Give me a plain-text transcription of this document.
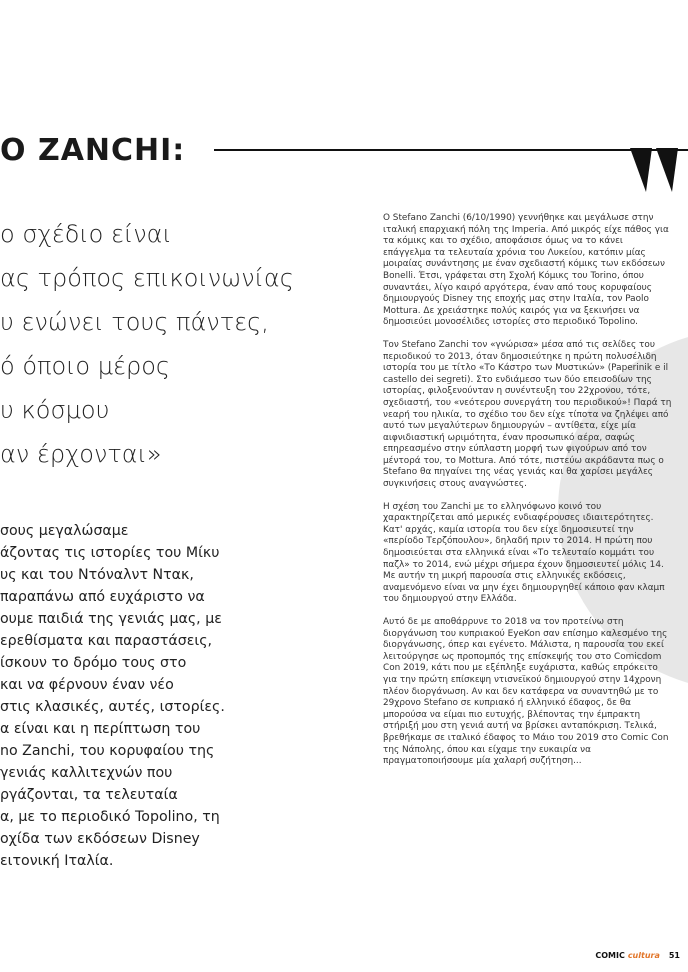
O ZANCHI:
ο σχέδιο είναι
ας τρόπος επικοινωνίας
υ ενώνει τους πάντες,
ό όποιο μέρος
υ κόσμου
αν έρχονται»
σους μεγαλώσαμε
άζοντας τις ιστορίες του Μίκυ
υς και του Ντόναλντ Ντακ,
παραπάνω από ευχάριστο να
ουμε παιδιά της γενιάς μας, με
ερεθίσματα και παραστάσεις,
ίσκουν το δρόμο τους στο
και να φέρνουν έναν νέο
στις κλασικές, αυτές, ιστορίες.
α είναι και η περίπτωση του
no Zanchi, του κορυφαίου της
γενιάς καλλιτεχνών που
ργάζονται, τα τελευταία
α, με το περιοδικό Topolino, τη
οχίδα των εκδόσεων Disney
ειτονική Ιταλία.

O Stefano Zanchi (6/10/1990) γεννήθηκε και μεγάλωσε στην ιταλική επαρχιακή πόλη της Imperia. Από μικρός είχε πάθος για τα κόμικς και το σχέδιο, αποφάσισε όμως να το κάνει επάγγελμα τα τελευταία χρόνια του Λυκείου, κατόπιν μίας μοιραίας συνάντησης με έναν σχεδιαστή κόμικς των εκδόσεων Bonelli. Έτσι, γράφεται στη Σχολή Κόμικς του Torino, όπου συναντάει, λίγο καιρό αργότερα, έναν από τους κορυφαίους δημιουργούς Disney της εποχής μας στην Ιταλία, τον Paolo Mottura. Δε χρειάστηκε πολύς καιρός για να ξεκινήσει να δημοσιεύει μονοσέλιδες ιστορίες στο περιοδικό Topolino.

Τον Stefano Zanchi τον «γνώρισα» μέσα από τις σελίδες του περιοδικού το 2013, όταν δημοσιεύτηκε η πρώτη πολυσέλιδη ιστορία του με τίτλο «Το Κάστρο των Μυστικών» (Paperinik e il castello dei segreti). Στο ενδιάμεσο των δύο επεισοδίων της ιστορίας, φιλοξενούνταν η συνέντευξη του 22χρονου, τότε, σχεδιαστή, του «νεότερου συνεργάτη του περιοδικού»! Παρά τη νεαρή του ηλικία, το σχέδιο του δεν είχε τίποτα να ζηλέψει από αυτό των μεγαλύτερων δημιουργών – αντίθετα, είχε μία αιφνιδιαστική ωριμότητα, έναν προσωπικό αέρα, σαφώς επηρεασμένο στην εύπλαστη μορφή των φιγούρων από τον μέντορά του, το Mottura. Από τότε, πιστεύω ακράδαντα πως ο Stefano θα πηγαίνει της νέας γενιάς και θα χαρίσει μεγάλες συγκινήσεις στους αναγνώστες.

Η σχέση του Zanchi με το ελληνόφωνο κοινό του χαρακτηρίζεται από μερικές ενδιαφέρουσες ιδιαιτερότητες. Κατ' αρχάς, καμία ιστορία του δεν είχε δημοσιευτεί την «περίοδο Τερζόπουλου», δηλαδή πριν το 2014. Η πρώτη που δημοσιεύεται στα ελληνικά είναι «Το τελευταίο κομμάτι του παζλ» το 2014, ενώ μέχρι σήμερα έχουν δημοσιευτεί μόλις 14. Με αυτήν τη μικρή παρουσία στις ελληνικές εκδόσεις, αναμενόμενο είναι να μην έχει δημιουργηθεί κάποιο φαν κλαμπ του δημιουργού στην Ελλάδα.

Αυτό δε με αποθάρρυνε το 2018 να τον προτείνω στη διοργάνωση του κυπριακού EyeKon σαν επίσημο καλεσμένο της διοργάνωσης, όπερ και εγένετο. Μάλιστα, η παρουσία του εκεί λειτούργησε ως προπομπός της επίσκεψής του στο Comicdom Con 2019, κάτι που με εξέπληξε ευχάριστα, καθώς επρόκειτο για την πρώτη επίσκεψη ντισνεϊκού δημιουργού στην 14χρονη πλέον διοργάνωση. Αν και δεν κατάφερα να συναντηθώ με το 29χρονο Stefano σε κυπριακό ή ελληνικό έδαφος, δε θα μπορούσα να είμαι πιο ευτυχής, βλέποντας την έμπρακτη στήριξή μου στη γενιά αυτή να βρίσκει ανταπόκριση. Τελικά, βρεθήκαμε σε ιταλικό έδαφος το Μάιο του 2019 στο Comic Con της Νάπολης, όπου και είχαμε την ευκαιρία να πραγματοποιήσουμε μία χαλαρή συζήτηση...

COMIC cultura 51
